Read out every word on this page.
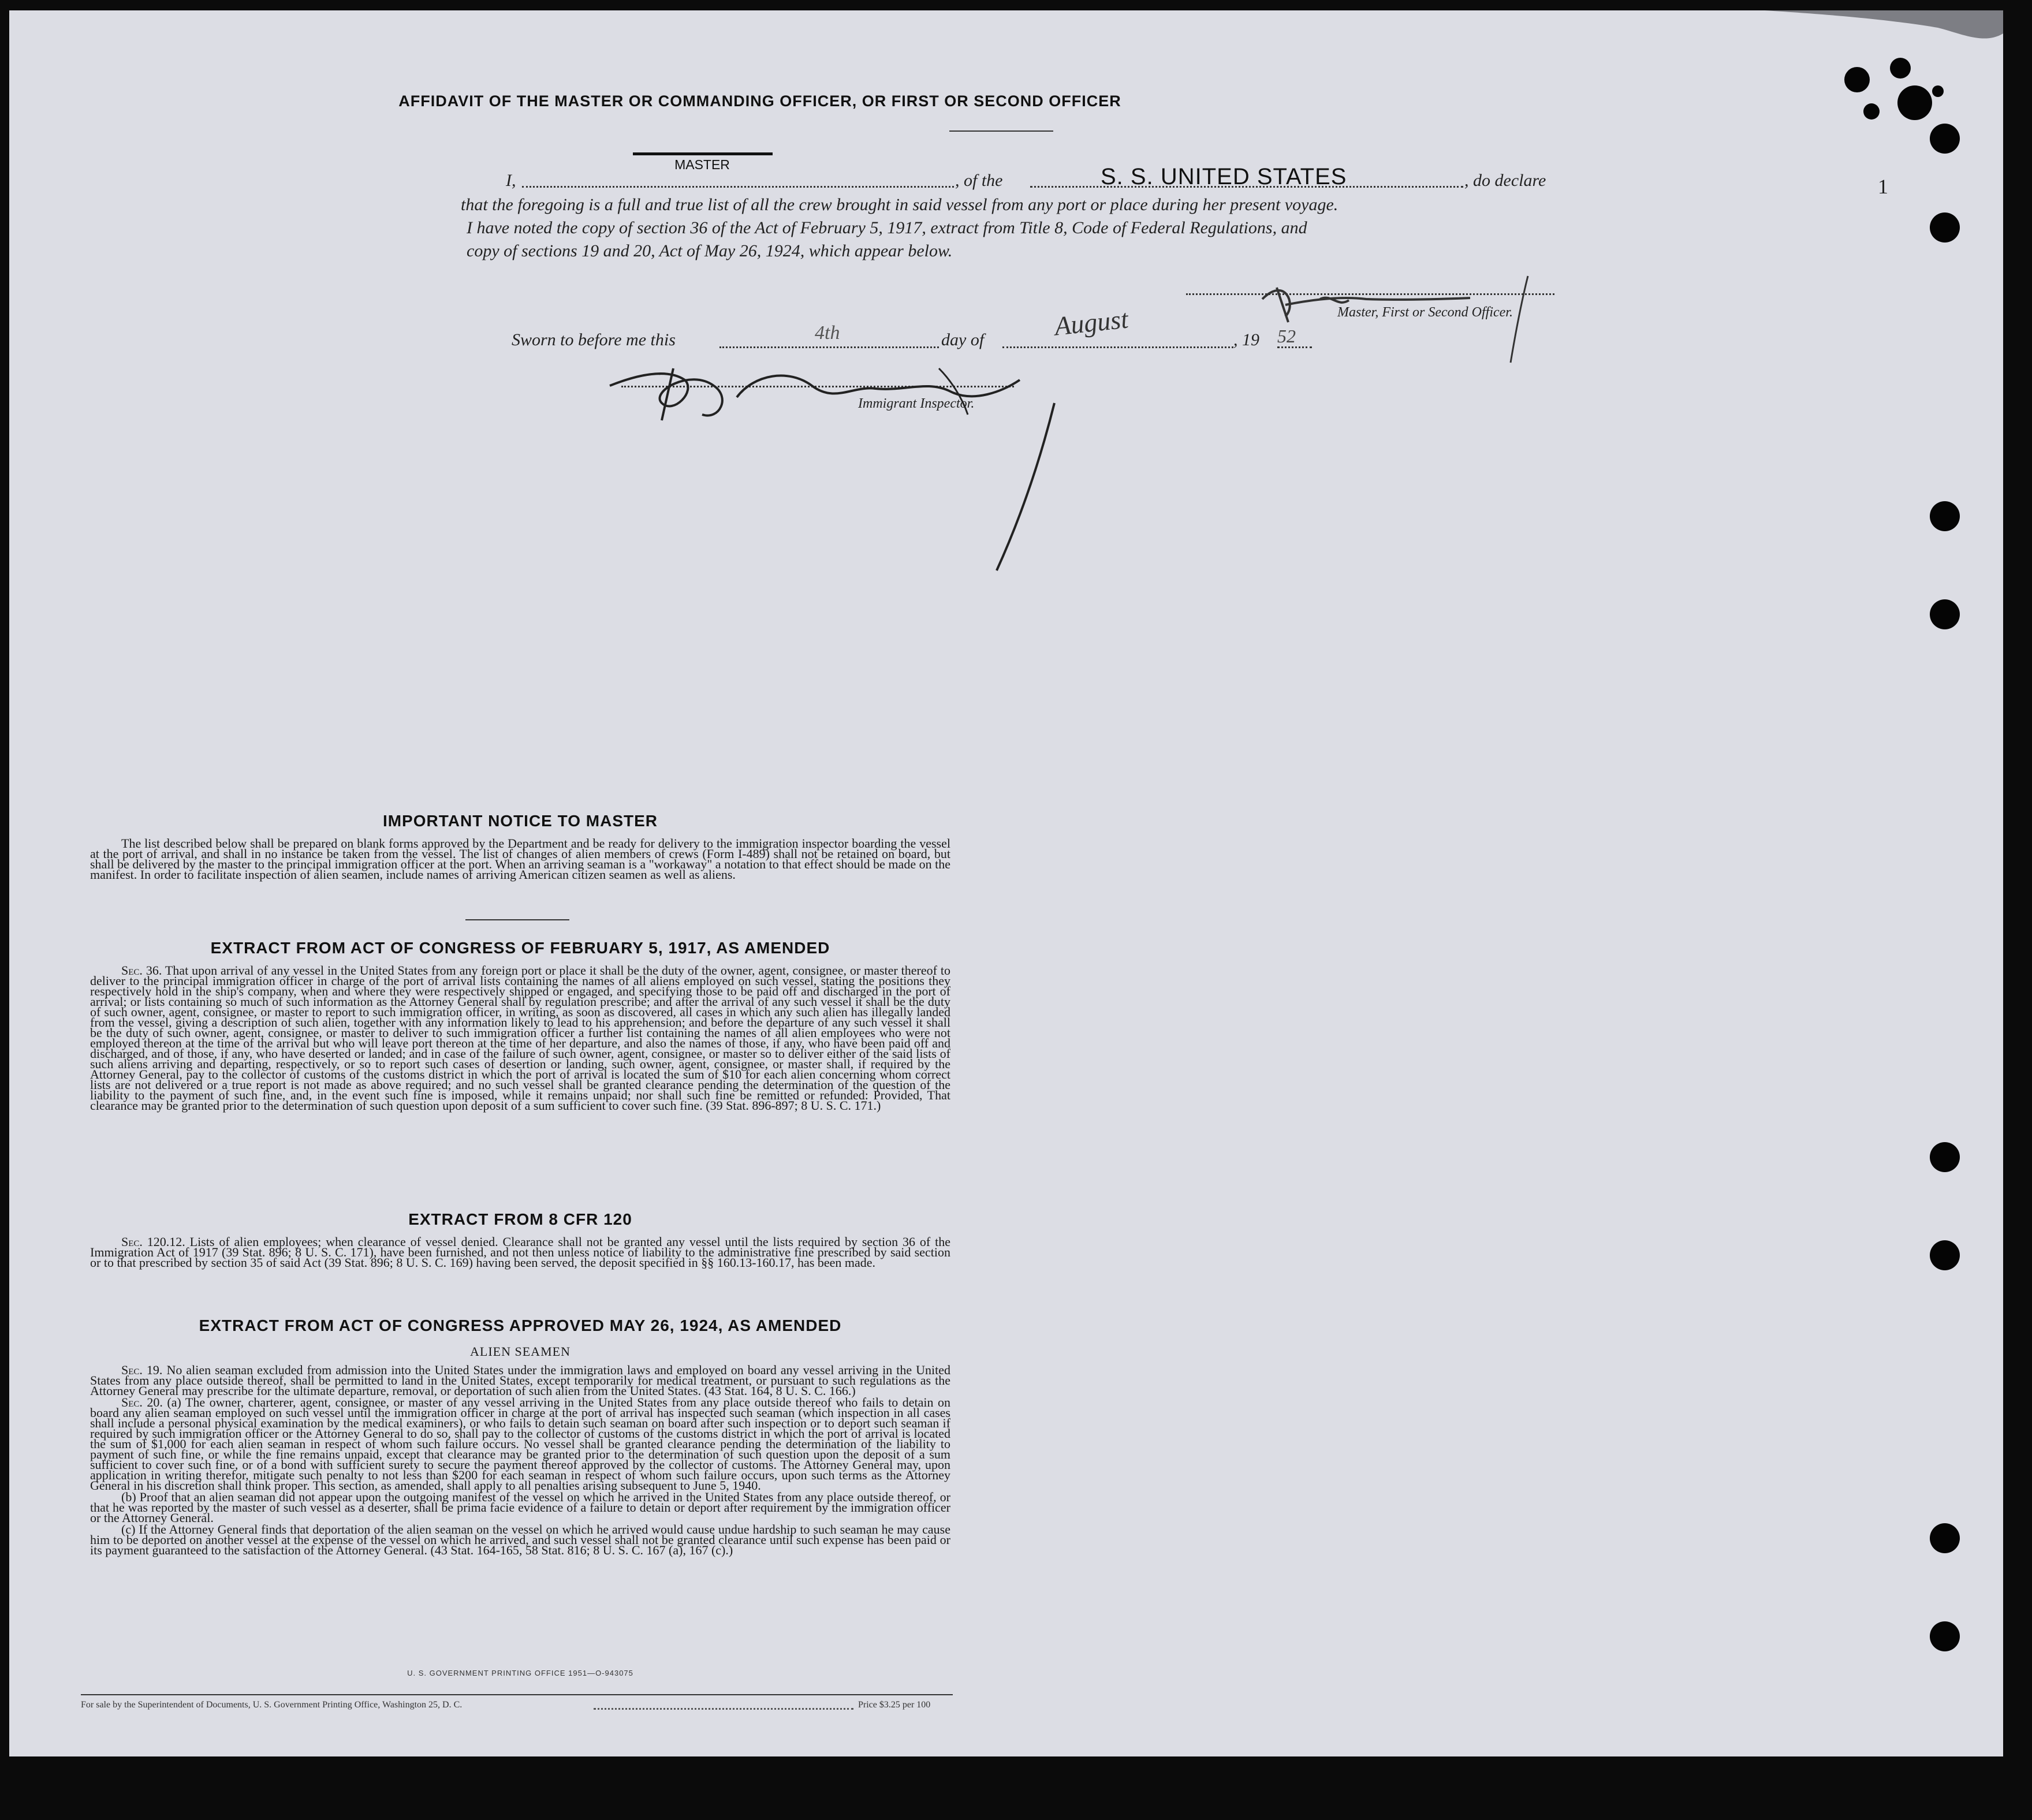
AFFIDAVIT OF THE MASTER OR COMMANDING OFFICER, OR FIRST OR SECOND OFFICER
I,
MASTER
, of the	S. S. UNITED STATES	, do declare
that the foregoing is a full and true list of all the crew brought in said vessel from any port or place during her present voyage.
I have noted the copy of section 36 of the Act of February 5, 1917, extract from Title 8, Code of Federal Regulations, and
copy of sections 19 and 20, Act of May 26, 1924, which appear below.
Master, First or Second Officer.
Sworn to before me this	4th	day of	August	, 19 52
Immigrant Inspector.
IMPORTANT NOTICE TO MASTER

The list described below shall be prepared on blank forms approved by the Department and be ready for delivery to the immigration inspector boarding the vessel at the port of arrival, and shall in no instance be taken from the vessel. The list of changes of alien members of crews (Form I-489) shall not be retained on board, but shall be delivered by the master to the principal immigration officer at the port. When an arriving seaman is a "workaway" a notation to that effect should be made on the manifest. In order to facilitate inspection of alien seamen, include names of arriving American citizen seamen as well as aliens.

EXTRACT FROM ACT OF CONGRESS OF FEBRUARY 5, 1917, AS AMENDED

Sec. 36. That upon arrival of any vessel in the United States from any foreign port or place it shall be the duty of the owner, agent, consignee, or master thereof to deliver to the principal immigration officer in charge of the port of arrival lists containing the names of all aliens employed on such vessel, stating the positions they respectively hold in the ship's company, when and where they were respectively shipped or engaged, and specifying those to be paid off and discharged in the port of arrival; or lists containing so much of such information as the Attorney General shall by regulation prescribe; and after the arrival of any such vessel it shall be the duty of such owner, agent, consignee, or master to report to such immigration officer, in writing, as soon as discovered, all cases in which any such alien has illegally landed from the vessel, giving a description of such alien, together with any information likely to lead to his apprehension; and before the departure of any such vessel it shall be the duty of such owner, agent, consignee, or master to deliver to such immigration officer a further list containing the names of all alien employees who were not employed thereon at the time of the arrival but who will leave port thereon at the time of her departure, and also the names of those, if any, who have been paid off and discharged, and of those, if any, who have deserted or landed; and in case of the failure of such owner, agent, consignee, or master so to deliver either of the said lists of such aliens arriving and departing, respectively, or so to report such cases of desertion or landing, such owner, agent, consignee, or master shall, if required by the Attorney General, pay to the collector of customs of the customs district in which the port of arrival is located the sum of $10 for each alien concerning whom correct lists are not delivered or a true report is not made as above required; and no such vessel shall be granted clearance pending the determination of the question of the liability to the payment of such fine, and, in the event such fine is imposed, while it remains unpaid; nor shall such fine be remitted or refunded: Provided, That clearance may be granted prior to the determination of such question upon deposit of a sum sufficient to cover such fine. (39 Stat. 896-897; 8 U. S. C. 171.)

EXTRACT FROM 8 CFR 120

Sec. 120.12. Lists of alien employees; when clearance of vessel denied. Clearance shall not be granted any vessel until the lists required by section 36 of the Immigration Act of 1917 (39 Stat. 896; 8 U. S. C. 171), have been furnished, and not then unless notice of liability to the administrative fine prescribed by said section or to that prescribed by section 35 of said Act (39 Stat. 896; 8 U. S. C. 169) having been served, the deposit specified in §§ 160.13-160.17, has been made.

EXTRACT FROM ACT OF CONGRESS APPROVED MAY 26, 1924, AS AMENDED
ALIEN SEAMEN

Sec. 19. No alien seaman excluded from admission into the United States under the immigration laws and employed on board any vessel arriving in the United States from any place outside thereof, shall be permitted to land in the United States, except temporarily for medical treatment, or pursuant to such regulations as the Attorney General may prescribe for the ultimate departure, removal, or deportation of such alien from the United States. (43 Stat. 164, 8 U. S. C. 166.)

Sec. 20. (a) The owner, charterer, agent, consignee, or master of any vessel arriving in the United States from any place outside thereof who fails to detain on board any alien seaman employed on such vessel until the immigration officer in charge at the port of arrival has inspected such seaman (which inspection in all cases shall include a personal physical examination by the medical examiners), or who fails to detain such seaman on board after such inspection or to deport such seaman if required by such immigration officer or the Attorney General to do so, shall pay to the collector of customs of the customs district in which the port of arrival is located the sum of $1,000 for each alien seaman in respect of whom such failure occurs. No vessel shall be granted clearance pending the determination of the liability to payment of such fine, or while the fine remains unpaid, except that clearance may be granted prior to the determination of such question upon the deposit of a sum sufficient to cover such fine, or of a bond with sufficient surety to secure the payment thereof approved by the collector of customs. The Attorney General may, upon application in writing therefor, mitigate such penalty to not less than $200 for each seaman in respect of whom such failure occurs, upon such terms as the Attorney General in his discretion shall think proper. This section, as amended, shall apply to all penalties arising subsequent to June 5, 1940.

(b) Proof that an alien seaman did not appear upon the outgoing manifest of the vessel on which he arrived in the United States from any place outside thereof, or that he was reported by the master of such vessel as a deserter, shall be prima facie evidence of a failure to detain or deport after requirement by the immigration officer or the Attorney General.

(c) If the Attorney General finds that deportation of the alien seaman on the vessel on which he arrived would cause undue hardship to such seaman he may cause him to be deported on another vessel at the expense of the vessel on which he arrived, and such vessel shall not be granted clearance until such expense has been paid or its payment guaranteed to the satisfaction of the Attorney General. (43 Stat. 164-165, 58 Stat. 816; 8 U. S. C. 167 (a), 167 (c).)

U. S. GOVERNMENT PRINTING OFFICE 1951—O-943075
For sale by the Superintendent of Documents, U. S. Government Printing Office, Washington 25, D. C.	Price $3.25 per 100
1
